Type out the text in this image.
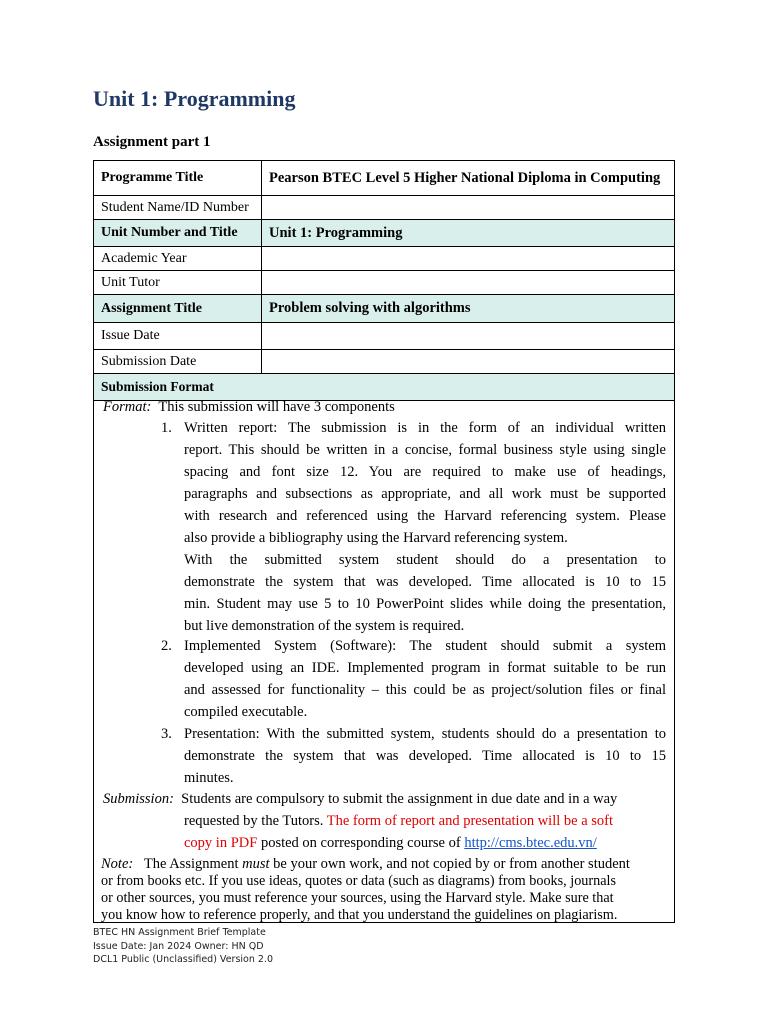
Unit 1: Programming
Assignment part 1
Programme Title	Pearson BTEC Level 5 Higher National Diploma in Computing
Student Name/ID Number	
Unit Number and Title	Unit 1: Programming
Academic Year	
Unit Tutor	
Assignment Title	Problem solving with algorithms
Issue Date	
Submission Date	
Submission Format	
Format: This submission will have 3 components
1. Written report: The submission is in the form of an individual written
report. This should be written in a concise, formal business style using single
spacing and font size 12. You are required to make use of headings,
paragraphs and subsections as appropriate, and all work must be supported
with research and referenced using the Harvard referencing system. Please
also provide a bibliography using the Harvard referencing system.
With the submitted system student should do a presentation to
demonstrate the system that was developed. Time allocated is 10 to 15
min. Student may use 5 to 10 PowerPoint slides while doing the presentation,
but live demonstration of the system is required.
2. Implemented System (Software): The student should submit a system
developed using an IDE. Implemented program in format suitable to be run
and assessed for functionality – this could be as project/solution files or final
compiled executable.
3. Presentation: With the submitted system, students should do a presentation to
demonstrate the system that was developed. Time allocated is 10 to 15
minutes.
Submission: Students are compulsory to submit the assignment in due date and in a way
requested by the Tutors. The form of report and presentation will be a soft
copy in PDF posted on corresponding course of http://cms.btec.edu.vn/
Note: The Assignment must be your own work, and not copied by or from another student
or from books etc. If you use ideas, quotes or data (such as diagrams) from books, journals
or other sources, you must reference your sources, using the Harvard style. Make sure that
you know how to reference properly, and that you understand the guidelines on plagiarism.
BTEC HN Assignment Brief Template
Issue Date: Jan 2024 Owner: HN QD
DCL1 Public (Unclassified) Version 2.0
